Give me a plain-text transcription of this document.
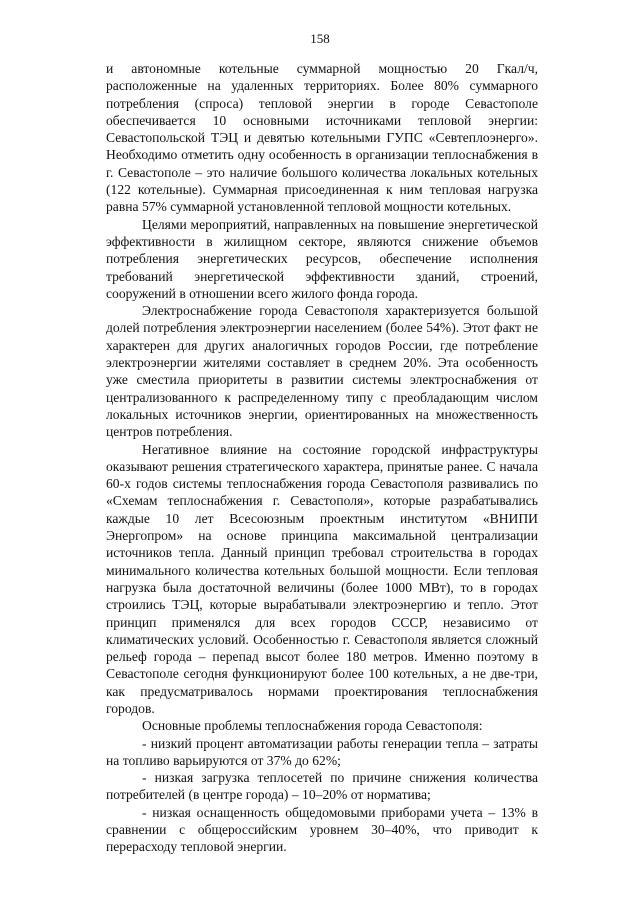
158

и автономные котельные суммарной мощностью 20 Гкал/ч, расположенные на удаленных территориях. Более 80% суммарного потребления (спроса) тепловой энергии в городе Севастополе обеспечивается 10 основными источниками тепловой энергии: Севастопольской ТЭЦ и девятью котельными ГУПС «Севтеплоэнерго». Необходимо отметить одну особенность в организации теплоснабжения в г. Севастополе – это наличие большого количества локальных котельных (122 котельные). Суммарная присоединенная к ним тепловая нагрузка равна 57% суммарной установленной тепловой мощности котельных.

Целями мероприятий, направленных на повышение энергетической эффективности в жилищном секторе, являются снижение объемов потребления энергетических ресурсов, обеспечение исполнения требований энергетической эффективности зданий, строений, сооружений в отношении всего жилого фонда города.

Электроснабжение города Севастополя характеризуется большой долей потребления электроэнергии населением (более 54%). Этот факт не характерен для других аналогичных городов России, где потребление электроэнергии жителями составляет в среднем 20%. Эта особенность уже сместила приоритеты в развитии системы электроснабжения от централизованного к распределенному типу с преобладающим числом локальных источников энергии, ориентированных на множественность центров потребления.

Негативное влияние на состояние городской инфраструктуры оказывают решения стратегического характера, принятые ранее. С начала 60-х годов системы теплоснабжения города Севастополя развивались по «Схемам теплоснабжения г. Севастополя», которые разрабатывались каждые 10 лет Всесоюзным проектным институтом «ВНИПИ Энергопром» на основе принципа максимальной централизации источников тепла. Данный принцип требовал строительства в городах минимального количества котельных большой мощности. Если тепловая нагрузка была достаточной величины (более 1000 МВт), то в городах строились ТЭЦ, которые вырабатывали электроэнергию и тепло. Этот принцип применялся для всех городов СССР, независимо от климатических условий. Особенностью г. Севастополя является сложный рельеф города – перепад высот более 180 метров. Именно поэтому в Севастополе сегодня функционируют более 100 котельных, а не две-три, как предусматривалось нормами проектирования теплоснабжения городов.

Основные проблемы теплоснабжения города Севастополя:

- низкий процент автоматизации работы генерации тепла – затраты на топливо варьируются от 37% до 62%;

- низкая загрузка теплосетей по причине снижения количества потребителей (в центре города) – 10–20% от норматива;

- низкая оснащенность общедомовыми приборами учета – 13% в сравнении с общероссийским уровнем 30–40%, что приводит к перерасходу тепловой энергии.
